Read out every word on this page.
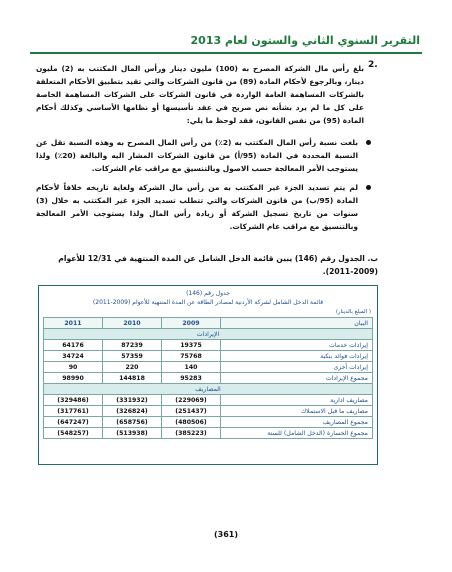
التقرير السنوي الثاني والستون لعام 2013
2.
بلغ رأس مال الشركة المصرح به (100) مليون دينار ورأس المال المكتتب به (2) مليون دينار، وبالرجوع لأحكام المادة (89) من قانون الشركات والتي تقيد بتطبيق الأحكام المتعلقة بالشركات المساهمة العامة الواردة في قانون الشركات على الشركات المساهمة الخاصة على كل ما لم يرد بشأنه نص صريح في عقد تأسيسها أو نظامها الأساسي وكذلك أحكام المادة (95) من نفس القانون، فقد لوحظ ما يلي:
بلغت نسبة رأس المال المكتتب به (2٪) من رأس المال المصرح به وهذه النسبة تقل عن النسبة المحددة في المادة (95/أ) من قانون الشركات المشار اليه والبالغة (20٪) ولذا يستوجب الأمر المعالجة حسب الاصول وبالتنسيق مع مراقب عام الشركات.
لم يتم تسديد الجزء غير المكتتب به من رأس مال الشركة ولغاية تاريخه خلافاً لأحكام المادة (95/ب) من قانون الشركات والتي تتطلب تسديد الجزء غير المكتتب به خلال (3) سنوات من تاريخ تسجيل الشركة أو زيادة رأس المال ولذا يستوجب الأمر المعالجة وبالتنسيق مع مراقب عام الشركات.
ب. الجدول رقم (146) يبين قائمة الدخل الشامل عن المدة المنتهية في 12/31 للأعوام (2009-2011).
جدول رقم (146)
قائمة الدخل الشامل لشركة الأردنية لمصادر الطاقة عن المدة المنتهية للأعوام (2009-2011)
( المبلغ بالدينار)
2011	2010	2009	البيان
الإيرادات			
64176	87239	19375	إيرادات خدمات
34724	57359	75768	إيرادات فوائد بنكية
90	220	140	إيرادات أخرى
98990	144818	95283	مجموع الإيرادات
المصاريف			
(329486)	(331932)	(229069)	مصاريف ادارية
(317761)	(326824)	(251437)	مصاريف ما قبل الاستملاك
(647247)	(658756)	(480506)	مجموع المصاريف
(548257)	(513938)	(385223)	مجموع الخسارة (الدخل الشامل) للسنة
(361)
